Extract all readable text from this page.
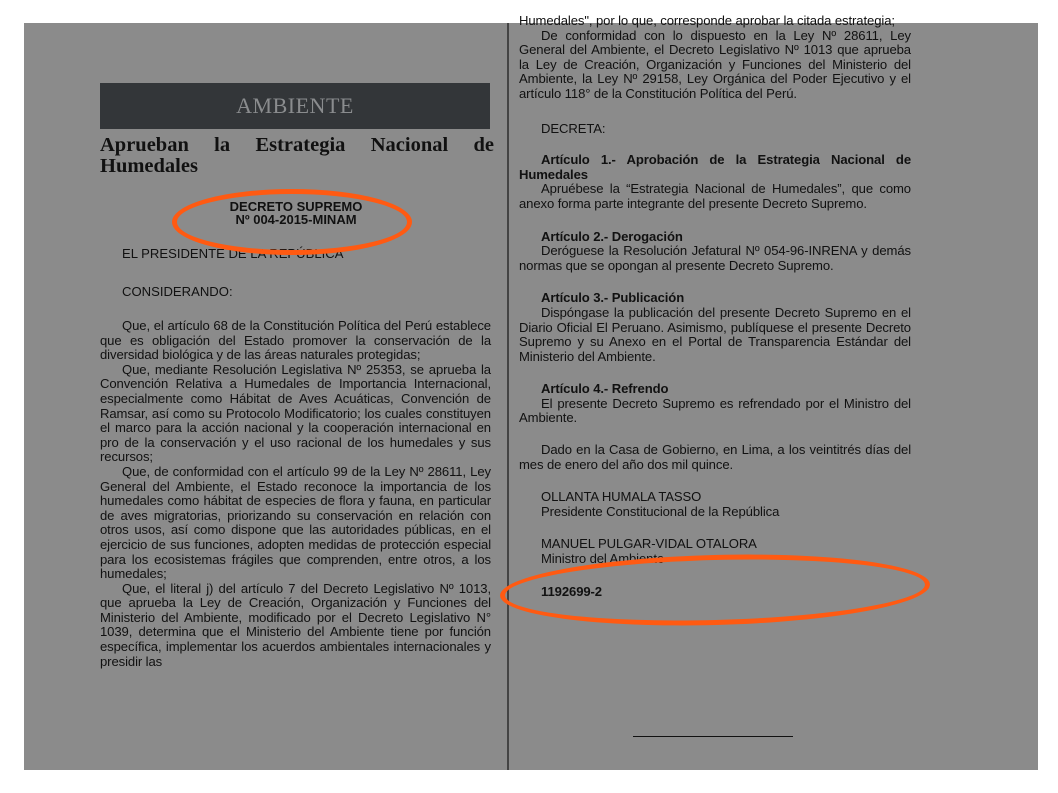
AMBIENTE
Aprueban la Estrategia Nacional de Humedales
DECRETO SUPREMO
Nº 004-2015-MINAM
EL PRESIDENTE DE LA REPÚBLICA
CONSIDERANDO:

Que, el artículo 68 de la Constitución Política del Perú establece que es obligación del Estado promover la conservación de la diversidad biológica y de las áreas naturales protegidas;

Que, mediante Resolución Legislativa Nº 25353, se aprueba la Convención Relativa a Humedales de Importancia Internacional, especialmente como Hábitat de Aves Acuáticas, Convención de Ramsar, así como su Protocolo Modificatorio; los cuales constituyen el marco para la acción nacional y la cooperación internacional en pro de la conservación y el uso racional de los humedales y sus recursos;

Que, de conformidad con el artículo 99 de la Ley Nº 28611, Ley General del Ambiente, el Estado reconoce la importancia de los humedales como hábitat de especies de flora y fauna, en particular de aves migratorias, priorizando su conservación en relación con otros usos, así como dispone que las autoridades públicas, en el ejercicio de sus funciones, adopten medidas de protección especial para los ecosistemas frágiles que comprenden, entre otros, a los humedales;

Que, el literal j) del artículo 7 del Decreto Legislativo Nº 1013, que aprueba la Ley de Creación, Organización y Funciones del Ministerio del Ambiente, modificado por el Decreto Legislativo N° 1039, determina que el Ministerio del Ambiente tiene por función específica, implementar los acuerdos ambientales internacionales y presidir las

Humedales", por lo que, corresponde aprobar la citada estrategia;

De conformidad con lo dispuesto en la Ley Nº 28611, Ley General del Ambiente, el Decreto Legislativo Nº 1013 que aprueba la Ley de Creación, Organización y Funciones del Ministerio del Ambiente, la Ley Nº 29158, Ley Orgánica del Poder Ejecutivo y el artículo 118° de la Constitución Política del Perú.

DECRETA:

Artículo 1.- Aprobación de la Estrategia Nacional de Humedales

Apruébese la “Estrategia Nacional de Humedales”, que como anexo forma parte integrante del presente Decreto Supremo.

Artículo 2.- Derogación

Deróguese la Resolución Jefatural Nº 054-96-INRENA y demás normas que se opongan al presente Decreto Supremo.

Artículo 3.- Publicación

Dispóngase la publicación del presente Decreto Supremo en el Diario Oficial El Peruano. Asimismo, publíquese el presente Decreto Supremo y su Anexo en el Portal de Transparencia Estándar del Ministerio del Ambiente.

Artículo 4.- Refrendo

El presente Decreto Supremo es refrendado por el Ministro del Ambiente.

Dado en la Casa de Gobierno, en Lima, a los veintitrés días del mes de enero del año dos mil quince.

OLLANTA HUMALA TASSO

Presidente Constitucional de la República

MANUEL PULGAR-VIDAL OTALORA

Ministro del Ambiente

1192699-2
